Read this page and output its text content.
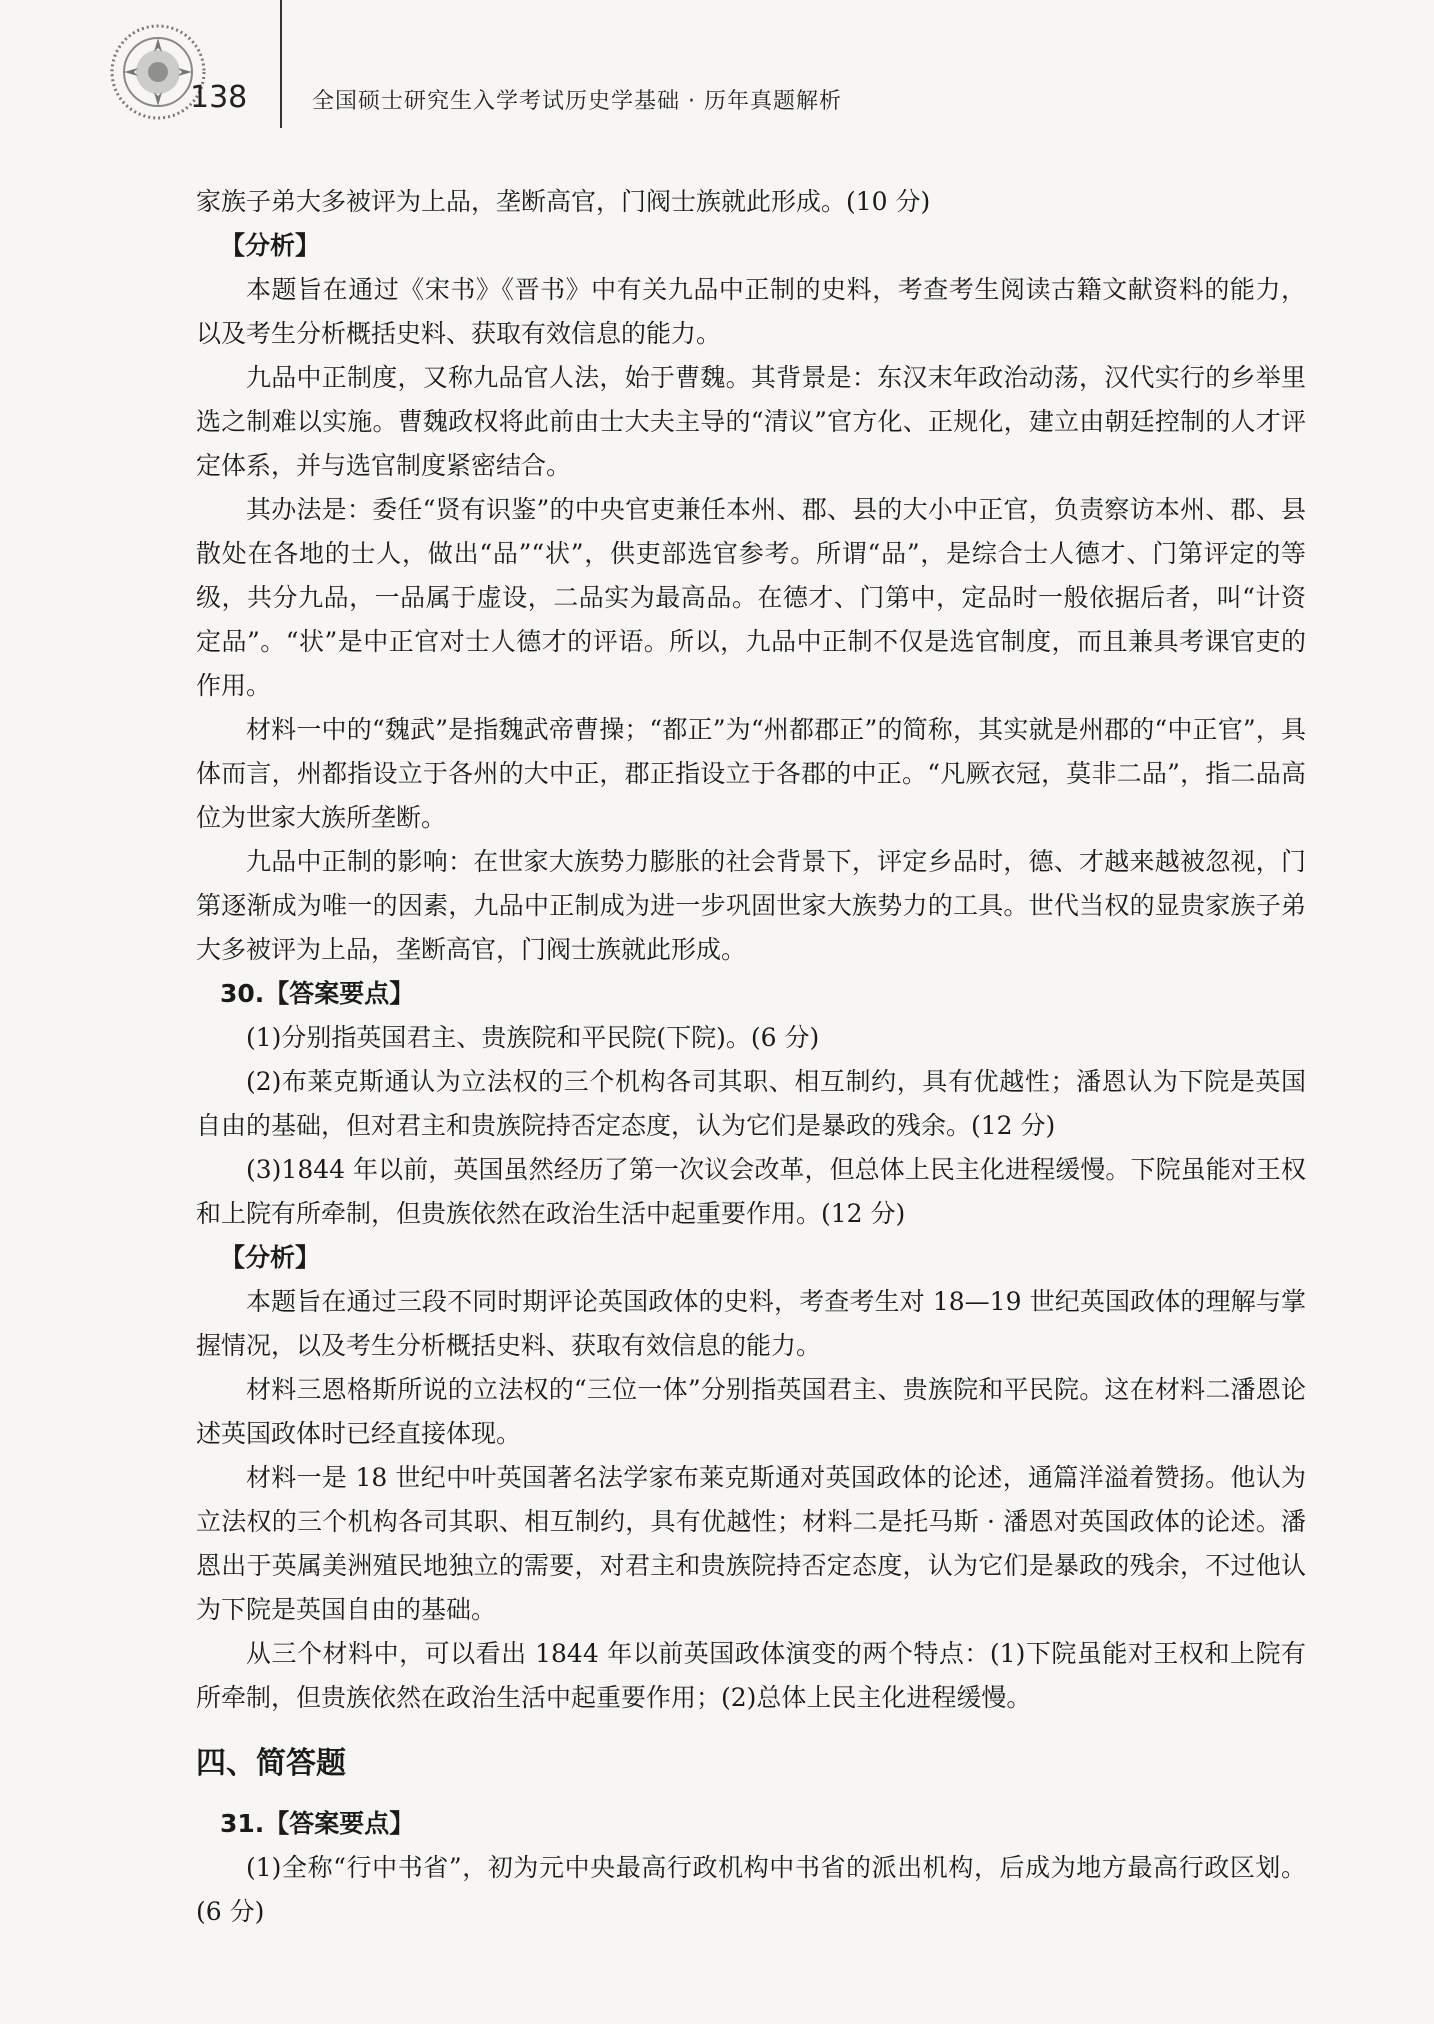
138	全国硕士研究生入学考试历史学基础 · 历年真题解析

家族子弟大多被评为上品，垄断高官，门阀士族就此形成。(10 分)

【分析】

本题旨在通过《宋书》《晋书》中有关九品中正制的史料，考查考生阅读古籍文献资料的能力，以及考生分析概括史料、获取有效信息的能力。

九品中正制度，又称九品官人法，始于曹魏。其背景是：东汉末年政治动荡，汉代实行的乡举里选之制难以实施。曹魏政权将此前由士大夫主导的“清议”官方化、正规化，建立由朝廷控制的人才评定体系，并与选官制度紧密结合。

其办法是：委任“贤有识鉴”的中央官吏兼任本州、郡、县的大小中正官，负责察访本州、郡、县散处在各地的士人，做出“品”“状”，供吏部选官参考。所谓“品”，是综合士人德才、门第评定的等级，共分九品，一品属于虚设，二品实为最高品。在德才、门第中，定品时一般依据后者，叫“计资定品”。“状”是中正官对士人德才的评语。所以，九品中正制不仅是选官制度，而且兼具考课官吏的作用。

材料一中的“魏武”是指魏武帝曹操；“都正”为“州都郡正”的简称，其实就是州郡的“中正官”，具体而言，州都指设立于各州的大中正，郡正指设立于各郡的中正。“凡厥衣冠，莫非二品”，指二品高位为世家大族所垄断。

九品中正制的影响：在世家大族势力膨胀的社会背景下，评定乡品时，德、才越来越被忽视，门第逐渐成为唯一的因素，九品中正制成为进一步巩固世家大族势力的工具。世代当权的显贵家族子弟大多被评为上品，垄断高官，门阀士族就此形成。

30.【答案要点】

(1)分别指英国君主、贵族院和平民院(下院)。(6 分)

(2)布莱克斯通认为立法权的三个机构各司其职、相互制约，具有优越性；潘恩认为下院是英国自由的基础，但对君主和贵族院持否定态度，认为它们是暴政的残余。(12 分)

(3)1844 年以前，英国虽然经历了第一次议会改革，但总体上民主化进程缓慢。下院虽能对王权和上院有所牵制，但贵族依然在政治生活中起重要作用。(12 分)

【分析】

本题旨在通过三段不同时期评论英国政体的史料，考查考生对 18—19 世纪英国政体的理解与掌握情况，以及考生分析概括史料、获取有效信息的能力。

材料三恩格斯所说的立法权的“三位一体”分别指英国君主、贵族院和平民院。这在材料二潘恩论述英国政体时已经直接体现。

材料一是 18 世纪中叶英国著名法学家布莱克斯通对英国政体的论述，通篇洋溢着赞扬。他认为立法权的三个机构各司其职、相互制约，具有优越性；材料二是托马斯 · 潘恩对英国政体的论述。潘恩出于英属美洲殖民地独立的需要，对君主和贵族院持否定态度，认为它们是暴政的残余，不过他认为下院是英国自由的基础。

从三个材料中，可以看出 1844 年以前英国政体演变的两个特点：(1)下院虽能对王权和上院有所牵制，但贵族依然在政治生活中起重要作用；(2)总体上民主化进程缓慢。

四、简答题

31.【答案要点】

(1)全称“行中书省”，初为元中央最高行政机构中书省的派出机构，后成为地方最高行政区划。(6 分)
